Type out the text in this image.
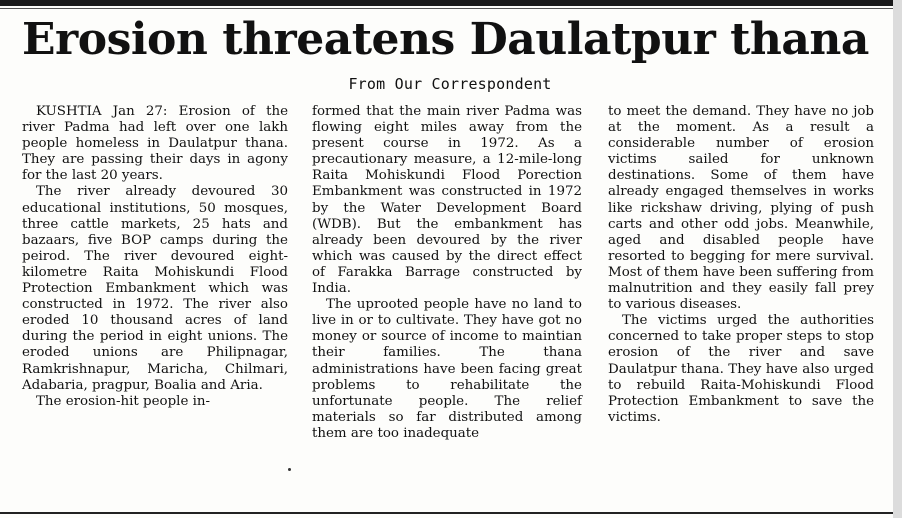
Erosion threatens Daulatpur thana
From Our Correspondent

KUSHTIA Jan 27: Erosion of the river Padma had left over one lakh people homeless in Daulatpur thana. They are passing their days in agony for the last 20 years.

The river already devoured 30 educational institutions, 50 mosques, three cattle markets, 25 hats and bazaars, five BOP camps during the peirod. The river devoured eight-kilometre Raita Mohiskundi Flood Protection Embankment which was constructed in 1972. The river also eroded 10 thousand acres of land during the period in eight unions. The eroded unions are Philipnagar, Ramkrishnapur, Maricha, Chilmari, Adabaria, pragpur, Boalia and Aria.

The erosion-hit people in-

formed that the main river Padma was flowing eight miles away from the present course in 1972. As a precautionary measure, a 12-mile-long Raita Mohiskundi Flood Porection Embankment was constructed in 1972 by the Water Development Board (WDB). But the embankment has already been devoured by the river which was caused by the direct effect of Farakka Barrage constructed by India.

The uprooted people have no land to live in or to cultivate. They have got no money or source of income to maintian their families. The thana administrations have been facing great problems to rehabilitate the unfortunate people. The relief materials so far distributed among them are too inadequate

to meet the demand. They have no job at the moment. As a result a considerable number of erosion victims sailed for unknown destinations. Some of them have already engaged themselves in works like rickshaw driving, plying of push carts and other odd jobs. Meanwhile, aged and disabled people have resorted to begging for mere survival. Most of them have been suffering from malnutrition and they easily fall prey to various diseases.

The victims urged the authorities concerned to take proper steps to stop erosion of the river and save Daulatpur thana. They have also urged to rebuild Raita-Mohiskundi Flood Protection Embankment to save the victims.
